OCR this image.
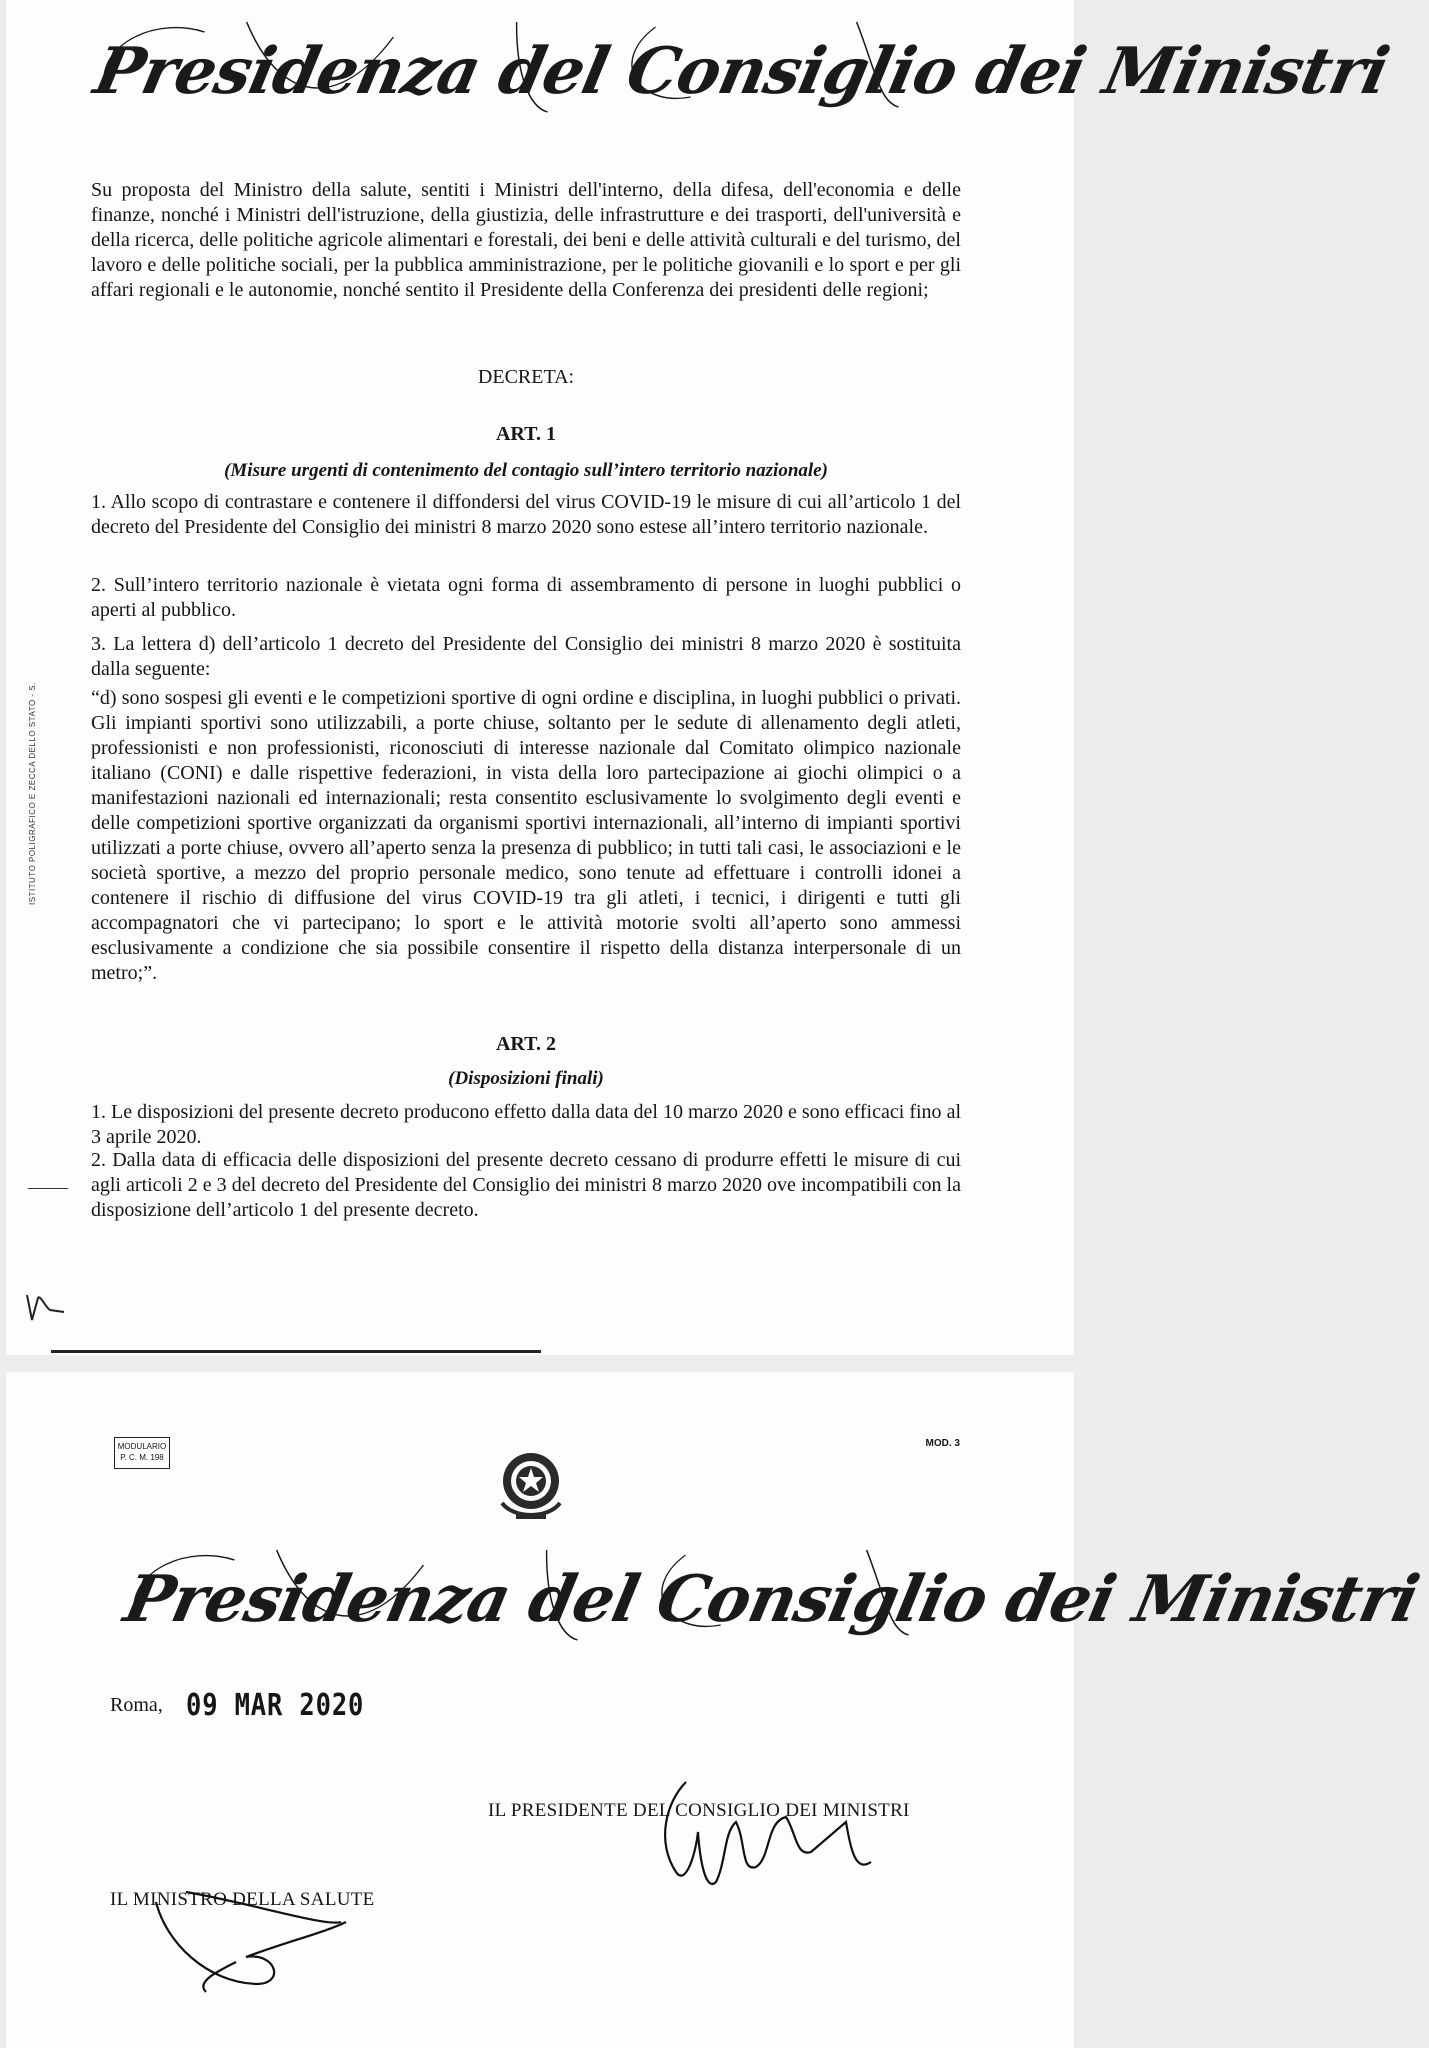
Presidenza del Consiglio dei Ministri
Su proposta del Ministro della salute, sentiti i Ministri dell'interno, della difesa, dell'economia e delle finanze, nonché i Ministri dell'istruzione, della giustizia, delle infrastrutture e dei trasporti, dell'università e della ricerca, delle politiche agricole alimentari e forestali, dei beni e delle attività culturali e del turismo, del lavoro e delle politiche sociali, per la pubblica amministrazione, per le politiche giovanili e lo sport e per gli affari regionali e le autonomie, nonché sentito il Presidente della Conferenza dei presidenti delle regioni;
DECRETA:
ART. 1
(Misure urgenti di contenimento del contagio sull’intero territorio nazionale)
1. Allo scopo di contrastare e contenere il diffondersi del virus COVID-19 le misure di cui all’articolo 1 del decreto del Presidente del Consiglio dei ministri 8 marzo 2020 sono estese all’intero territorio nazionale.
2. Sull’intero territorio nazionale è vietata ogni forma di assembramento di persone in luoghi pubblici o aperti al pubblico.
3. La lettera d) dell’articolo 1 decreto del Presidente del Consiglio dei ministri 8 marzo 2020 è sostituita dalla seguente:
“d) sono sospesi gli eventi e le competizioni sportive di ogni ordine e disciplina, in luoghi pubblici o privati. Gli impianti sportivi sono utilizzabili, a porte chiuse, soltanto per le sedute di allenamento degli atleti, professionisti e non professionisti, riconosciuti di interesse nazionale dal Comitato olimpico nazionale italiano (CONI) e dalle rispettive federazioni, in vista della loro partecipazione ai giochi olimpici o a manifestazioni nazionali ed internazionali; resta consentito esclusivamente lo svolgimento degli eventi e delle competizioni sportive organizzati da organismi sportivi internazionali, all’interno di impianti sportivi utilizzati a porte chiuse, ovvero all’aperto senza la presenza di pubblico; in tutti tali casi, le associazioni e le società sportive, a mezzo del proprio personale medico, sono tenute ad effettuare i controlli idonei a contenere il rischio di diffusione del virus COVID-19 tra gli atleti, i tecnici, i dirigenti e tutti gli accompagnatori che vi partecipano; lo sport e le attività motorie svolti all’aperto sono ammessi esclusivamente a condizione che sia possibile consentire il rispetto della distanza interpersonale di un metro;”.
ART. 2
(Disposizioni finali)
1. Le disposizioni del presente decreto producono effetto dalla data del 10 marzo 2020 e sono efficaci fino al 3 aprile 2020.
2. Dalla data di efficacia delle disposizioni del presente decreto cessano di produrre effetti le misure di cui agli articoli 2 e 3 del decreto del Presidente del Consiglio dei ministri 8 marzo 2020 ove incompatibili con la disposizione dell’articolo 1 del presente decreto.
ISTITUTO POLIGRAFICO E ZECCA DELLO STATO - S.
MODULARIO
P. C. M. 198
MOD. 3
Presidenza del Consiglio dei Ministri
Roma, 09 MAR 2020
IL PRESIDENTE DEL CONSIGLIO DEI MINISTRI
IL MINISTRO DELLA SALUTE
